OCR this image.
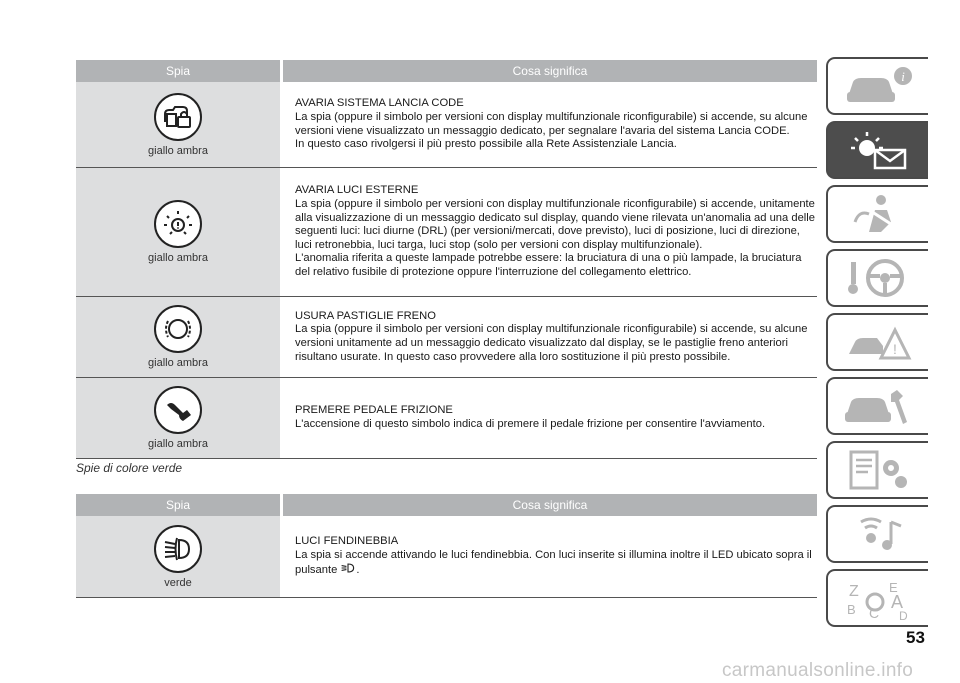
Spia	Cosa significa
giallo ambra
AVARIA SISTEMA LANCIA CODE
La spia (oppure il simbolo per versioni con display multifunzionale riconfigurabile) si accende, su alcune versioni viene visualizzato un messaggio dedicato, per segnalare l'avaria del sistema Lancia CODE.
In questo caso rivolgersi il più presto possibile alla Rete Assistenziale Lancia.
giallo ambra
AVARIA LUCI ESTERNE
La spia (oppure il simbolo per versioni con display multifunzionale riconfigurabile) si accende, unitamente alla visualizzazione di un messaggio dedicato sul display, quando viene rilevata un'anomalia ad una delle seguenti luci: luci diurne (DRL) (per versioni/mercati, dove previsto), luci di posizione, luci di direzione, luci retronebbia, luci targa, luci stop (solo per versioni con display multifunzionale).
L'anomalia riferita a queste lampade potrebbe essere: la bruciatura di una o più lampade, la bruciatura del relativo fusibile di protezione oppure l'interruzione del collegamento elettrico.
giallo ambra
USURA PASTIGLIE FRENO
La spia (oppure il simbolo per versioni con display multifunzionale riconfigurabile) si accende, su alcune versioni unitamente ad un messaggio dedicato visualizzato dal display, se le pastiglie freno anteriori risultano usurate. In questo caso provvedere alla loro sostituzione il più presto possibile.
giallo ambra
PREMERE PEDALE FRIZIONE
L'accensione di questo simbolo indica di premere il pedale frizione per consentire l'avviamento.
Spie di colore verde
Spia	Cosa significa
verde
LUCI FENDINEBBIA
La spia si accende attivando le luci fendinebbia. Con luci inserite si illumina inoltre il LED ubicato sopra il pulsante .
i
!
Z E
B C
A
D
53
carmanualsonline.info
